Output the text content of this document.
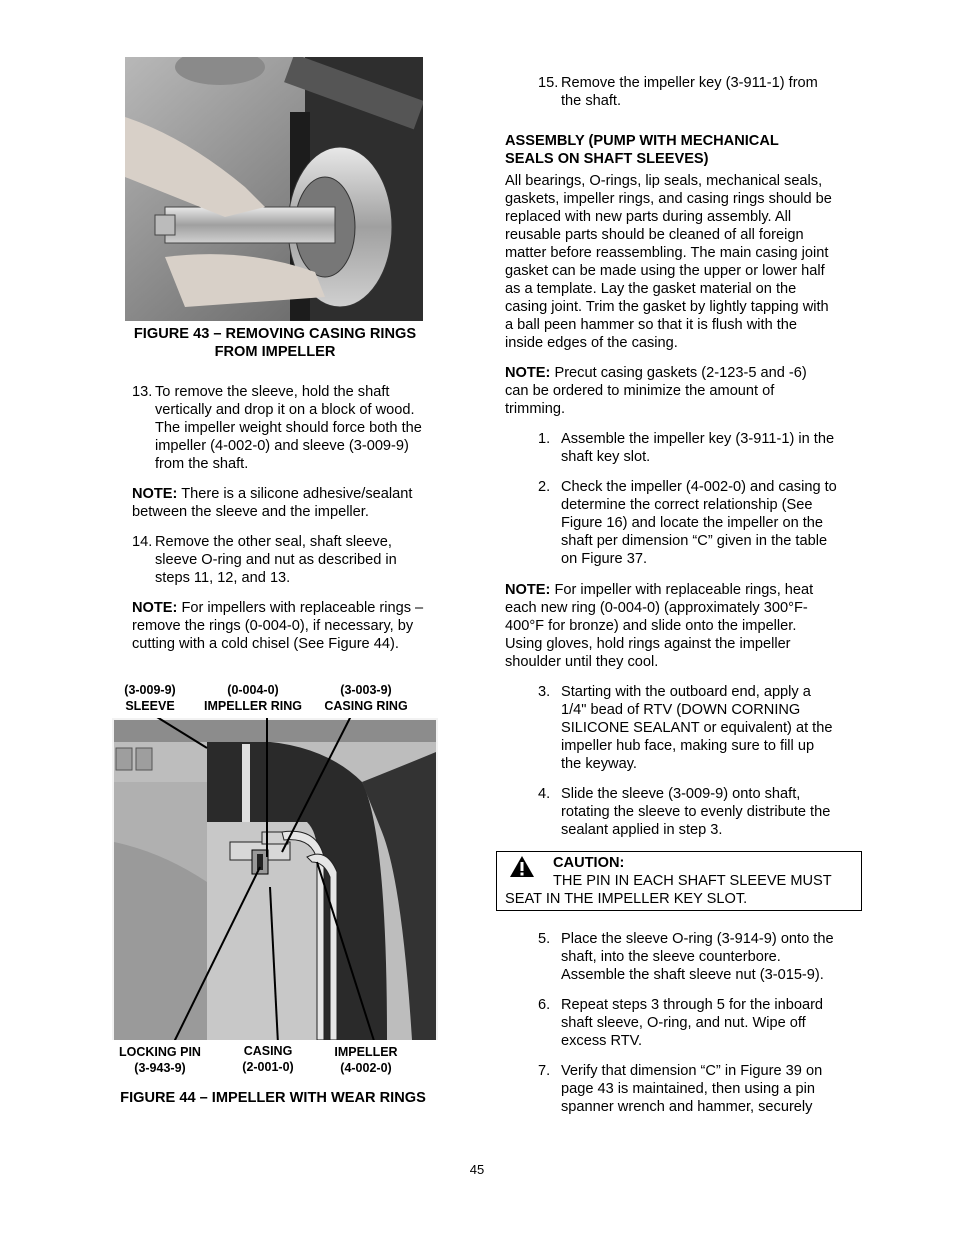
FIGURE 43 – REMOVING CASING RINGS
FROM IMPELLER
13. To remove the sleeve, hold the shaft
vertically and drop it on a block of wood.
The impeller weight should force both the
impeller (4-002-0) and sleeve (3-009-9)
from the shaft.
NOTE: There is a silicone adhesive/sealant
between the sleeve and the impeller.
14. Remove the other seal, shaft sleeve,
sleeve O-ring and nut as described in
steps 11, 12, and 13.
NOTE: For impellers with replaceable rings –
remove the rings (0-004-0), if necessary, by
cutting with a cold chisel (See Figure 44).
(3-009-9)
SLEEVE
(0-004-0)
IMPELLER RING
(3-003-9)
CASING RING
LOCKING PIN
(3-943-9)
CASING
(2-001-0)
IMPELLER
(4-002-0)
FIGURE 44 – IMPELLER WITH WEAR RINGS
15. Remove the impeller key (3-911-1) from
the shaft.
ASSEMBLY (PUMP WITH MECHANICAL
SEALS ON SHAFT SLEEVES)
All bearings, O-rings, lip seals, mechanical seals,
gaskets, impeller rings, and casing rings should be
replaced with new parts during assembly. All
reusable parts should be cleaned of all foreign
matter before reassembling. The main casing joint
gasket can be made using the upper or lower half
as a template. Lay the gasket material on the
casing joint. Trim the gasket by lightly tapping with
a ball peen hammer so that it is flush with the
inside edges of the casing.
NOTE: Precut casing gaskets (2-123-5 and -6)
can be ordered to minimize the amount of
trimming.
1. Assemble the impeller key (3-911-1) in the
shaft key slot.
2. Check the impeller (4-002-0) and casing to
determine the correct relationship (See
Figure 16) and locate the impeller on the
shaft per dimension “C” given in the table
on Figure 37.
NOTE: For impeller with replaceable rings, heat
each new ring (0-004-0) (approximately 300°F-
400°F for bronze) and slide onto the impeller.
Using gloves, hold rings against the impeller
shoulder until they cool.
3. Starting with the outboard end, apply a
1/4" bead of RTV (DOWN CORNING
SILICONE SEALANT or equivalent) at the
impeller hub face, making sure to fill up
the keyway.
4. Slide the sleeve (3-009-9) onto shaft,
rotating the sleeve to evenly distribute the
sealant applied in step 3.
CAUTION:
THE PIN IN EACH SHAFT SLEEVE MUST
SEAT IN THE IMPELLER KEY SLOT.
5. Place the sleeve O-ring (3-914-9) onto the
shaft, into the sleeve counterbore.
Assemble the shaft sleeve nut (3-015-9).
6. Repeat steps 3 through 5 for the inboard
shaft sleeve, O-ring, and nut. Wipe off
excess RTV.
7. Verify that dimension “C” in Figure 39 on
page 43 is maintained, then using a pin
spanner wrench and hammer, securely
45
